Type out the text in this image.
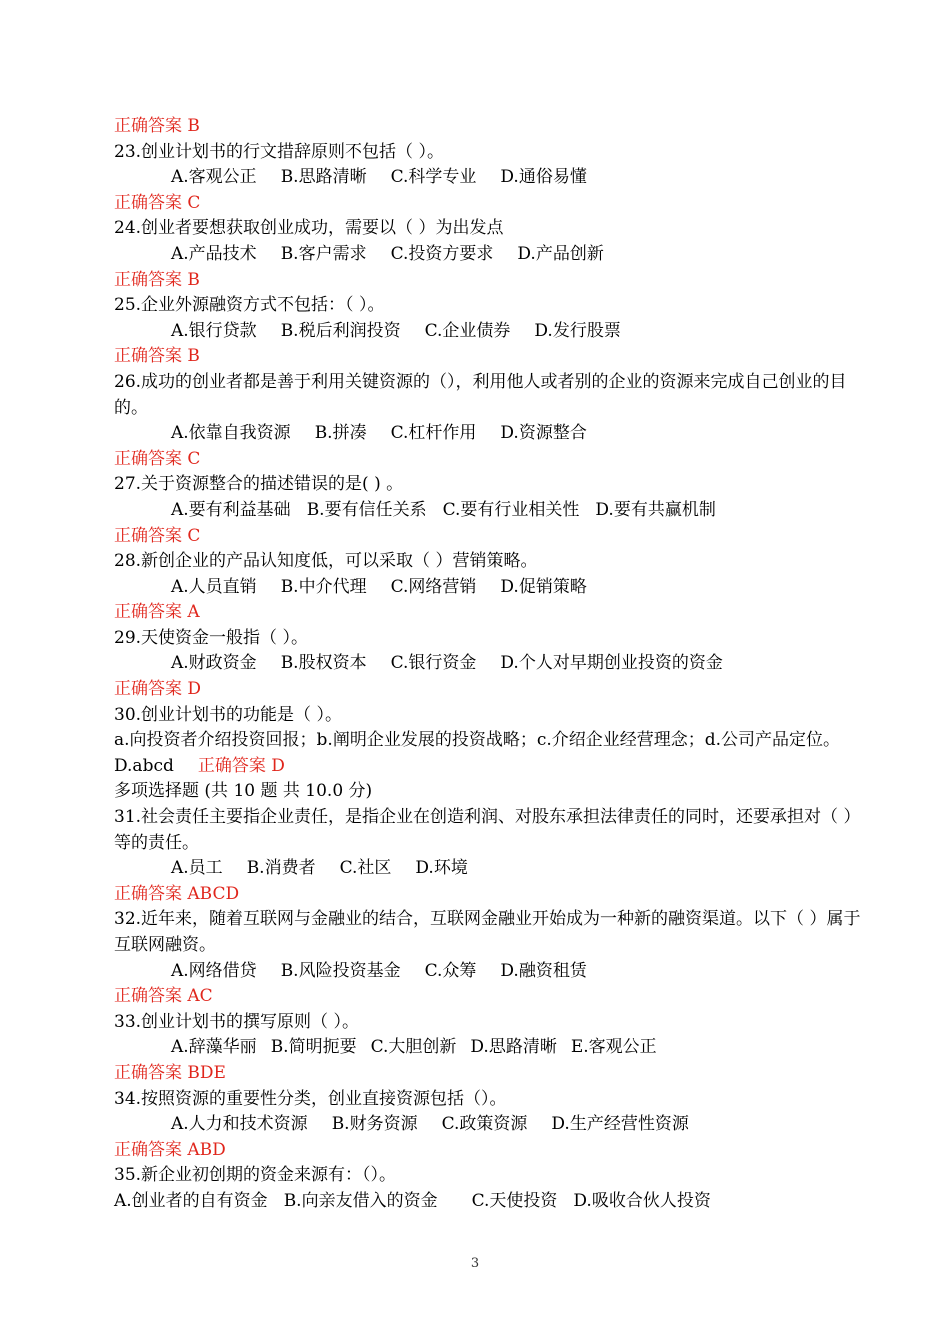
正确答案 B
23.创业计划书的行文措辞原则不包括（ ）。
A.客观公正 B.思路清晰 C.科学专业 D.通俗易懂
正确答案 C
24.创业者要想获取创业成功，需要以（ ）为出发点
A.产品技术 B.客户需求 C.投资方要求 D.产品创新
正确答案 B
25.企业外源融资方式不包括：（ ）。
A.银行贷款 B.税后利润投资 C.企业债券 D.发行股票
正确答案 B
26.成功的创业者都是善于利用关键资源的（），利用他人或者别的企业的资源来完成自己创业的目的。
A.依靠自我资源 B.拼凑 C.杠杆作用 D.资源整合
正确答案 C
27.关于资源整合的描述错误的是( ) 。
A.要有利益基础 B.要有信任关系 C.要有行业相关性 D.要有共赢机制
正确答案 C
28.新创企业的产品认知度低，可以采取（ ）营销策略。
A.人员直销 B.中介代理 C.网络营销 D.促销策略
正确答案 A
29.天使资金一般指（ ）。
A.财政资金 B.股权资本 C.银行资金 D.个人对早期创业投资的资金
正确答案 D
30.创业计划书的功能是（ ）。
a.向投资者介绍投资回报；b.阐明企业发展的投资战略；c.介绍企业经营理念；d.公司产品定位。D.abcd 正确答案 D
多项选择题 (共 10 题 共 10.0 分)
31.社会责任主要指企业责任，是指企业在创造利润、对股东承担法律责任的同时，还要承担对（ ）等的责任。
A.员工 B.消费者 C.社区 D.环境
正确答案 ABCD
32.近年来，随着互联网与金融业的结合，互联网金融业开始成为一种新的融资渠道。以下（ ）属于互联网融资。
A.网络借贷 B.风险投资基金 C.众筹 D.融资租赁
正确答案 AC
33.创业计划书的撰写原则（ ）。
A.辞藻华丽 B.简明扼要 C.大胆创新 D.思路清晰 E.客观公正
正确答案 BDE
34.按照资源的重要性分类，创业直接资源包括（）。
A.人力和技术资源 B.财务资源 C.政策资源 D.生产经营性资源
正确答案 ABD
35.新企业初创期的资金来源有：（）。
A.创业者的自有资金 B.向亲友借入的资金 C.天使投资 D.吸收合伙人投资
3
